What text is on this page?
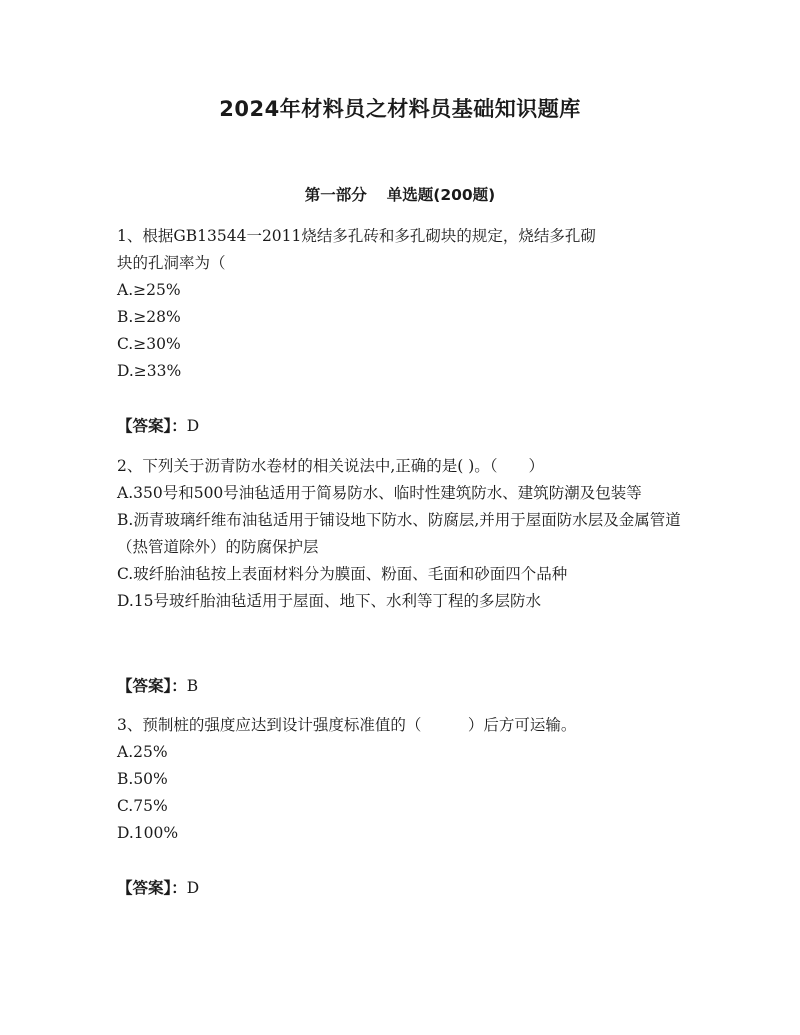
2024年材料员之材料员基础知识题库
第一部分 单选题(200题)
1、根据GB13544一2011烧结多孔砖和多孔砌块的规定，烧结多孔砌
块的孔洞率为（
A.≥25%
B.≥28%
C.≥30%
D.≥33%
【答案】：D
2、下列关于沥青防水卷材的相关说法中,正确的是( )。（　　）
A.350号和500号油毡适用于简易防水、临时性建筑防水、建筑防潮及包装等
B.沥青玻璃纤维布油毡适用于铺设地下防水、防腐层,并用于屋面防水层及金属管道（热管道除外）的防腐保护层
C.玻纤胎油毡按上表面材料分为膜面、粉面、毛面和砂面四个品种
D.15号玻纤胎油毡适用于屋面、地下、水利等丁程的多层防水
【答案】：B
3、预制桩的强度应达到设计强度标准值的（　　　）后方可运输。
A.25%
B.50%
C.75%
D.100%
【答案】：D
